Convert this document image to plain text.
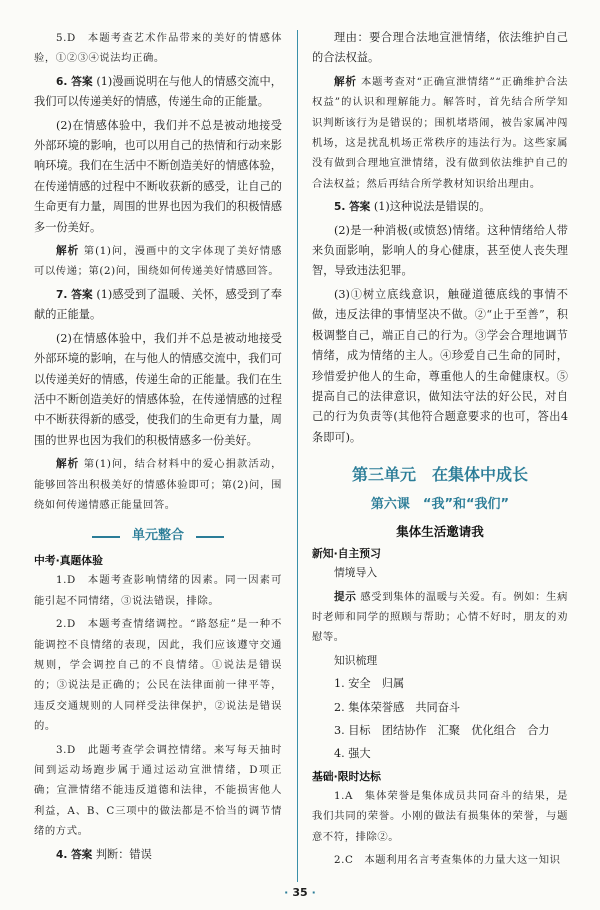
5.D　本题考查艺术作品带来的美好的情感体验，①②③④说法均正确。

6. 答案 (1)漫画说明在与他人的情感交流中，我们可以传递美好的情感，传递生命的正能量。

(2)在情感体验中，我们并不总是被动地接受外部环境的影响，也可以用自己的热情和行动来影响环境。我们在生活中不断创造美好的情感体验，在传递情感的过程中不断收获新的感受，让自己的生命更有力量，周围的世界也因为我们的积极情感多一份美好。

解析 第(1)问，漫画中的文字体现了美好情感可以传递；第(2)问，围绕如何传递美好情感回答。

7. 答案 (1)感受到了温暖、关怀，感受到了奉献的正能量。

(2)在情感体验中，我们并不总是被动地接受外部环境的影响，在与他人的情感交流中，我们可以传递美好的情感，传递生命的正能量。我们在生活中不断创造美好的情感体验，在传递情感的过程中不断获得新的感受，使我们的生命更有力量，周围的世界也因为我们的积极情感多一份美好。

解析 第(1)问，结合材料中的爱心捐款活动，能够回答出积极美好的情感体验即可；第(2)问，围绕如何传递情感正能量回答。

单元整合

中考·真题体验

1.D　本题考查影响情绪的因素。同一因素可能引起不同情绪，③说法错误，排除。

2.D　本题考查情绪调控。“路怒症”是一种不能调控不良情绪的表现，因此，我们应该遵守交通规则，学会调控自己的不良情绪。①说法是错误的；③说法是正确的；公民在法律面前一律平等，违反交通规则的人同样受法律保护，②说法是错误的。

3.D　此题考查学会调控情绪。来写每天抽时间到运动场跑步属于通过运动宣泄情绪，D项正确；宣泄情绪不能违反道德和法律，不能损害他人利益，A、B、C三项中的做法都是不恰当的调节情绪的方式。

4. 答案 判断：错误

理由：要合理合法地宣泄情绪，依法维护自己的合法权益。

解析 本题考查对“正确宣泄情绪”“正确维护合法权益”的认识和理解能力。解答时，首先结合所学知识判断该行为是错误的；围机堵塔闹，被告家属冲闯机场，这是扰乱机场正常秩序的违法行为。这些家属没有做到合理地宣泄情绪，没有做到依法维护自己的合法权益；然后再结合所学教材知识给出理由。

5. 答案 (1)这种说法是错误的。

(2)是一种消极(或愤怒)情绪。这种情绪给人带来负面影响，影响人的身心健康，甚至使人丧失理智，导致违法犯罪。

(3)①树立底线意识，触碰道德底线的事情不做，违反法律的事情坚决不做。②“止于至善”，积极调整自己，端正自己的行为。③学会合理地调节情绪，成为情绪的主人。④珍爱自己生命的同时，珍惜爱护他人的生命，尊重他人的生命健康权。⑤提高自己的法律意识，做知法守法的好公民，对自己的行为负责等(其他符合题意要求的也可，答出4条即可)。

第三单元　在集体中成长

第六课　“我”和“我们”

集体生活邀请我

新知·自主预习

情境导入

提示 感受到集体的温暖与关爱。有。例如：生病时老师和同学的照顾与帮助；心情不好时，朋友的劝慰等。

知识梳理

1. 安全　归属

2. 集体荣誉感　共同奋斗

3. 目标　团结协作　汇聚　优化组合　合力

4. 强大

基础·限时达标

1.A　集体荣誉是集体成员共同奋斗的结果，是我们共同的荣誉。小刚的做法有损集体的荣誉，与题意不符，排除②。

2.C　本题利用名言考查集体的力量大这一知识

· 35 ·
